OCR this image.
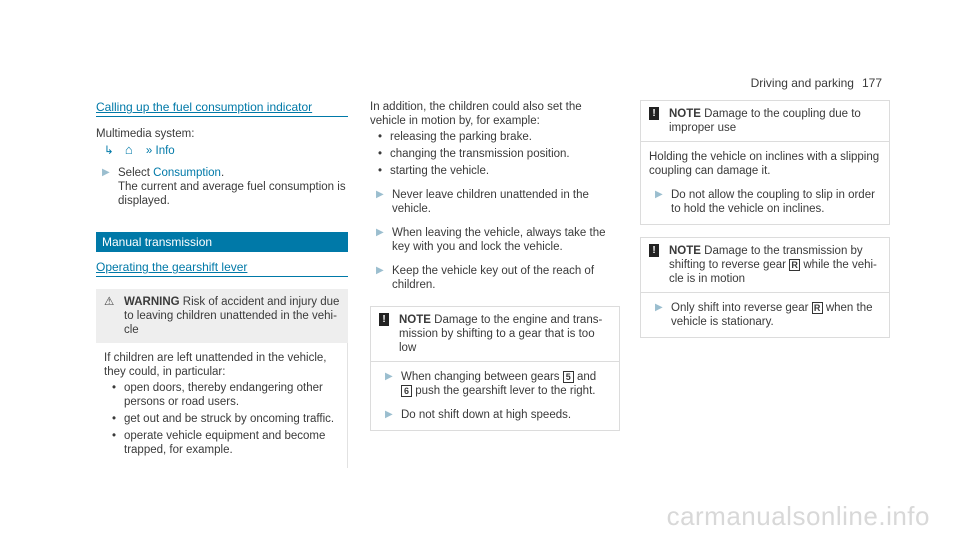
Driving and parking 177
Calling up the fuel consumption indicator
Multimedia system:
↳ ⌂ » Info
▶ Select Consumption.
The current and average fuel consumption is displayed.
Manual transmission
Operating the gearshift lever
⚠ WARNING Risk of accident and injury due to leaving children unattended in the vehi- cle
If children are left unattended in the vehicle, they could, in particular:
• open doors, thereby endangering other persons or road users.
• get out and be struck by oncoming traffic.
• operate vehicle equipment and become trapped, for example.
In addition, the children could also set the vehicle in motion by, for example:
• releasing the parking brake.
• changing the transmission position.
• starting the vehicle.
▶ Never leave children unattended in the vehicle.
▶ When leaving the vehicle, always take the key with you and lock the vehicle.
▶ Keep the vehicle key out of the reach of children.
! NOTE Damage to the engine and trans- mission by shifting to a gear that is too low
▶ When changing between gears 5 and
6 push the gearshift lever to the right.
▶ Do not shift down at high speeds.
! NOTE Damage to the coupling due to improper use
Holding the vehicle on inclines with a slipping coupling can damage it.
▶ Do not allow the coupling to slip in order to hold the vehicle on inclines.
! NOTE Damage to the transmission by shifting to reverse gear R while the vehi- cle is in motion
▶ Only shift into reverse gear R when the vehicle is stationary.
carmanualsonline.info
